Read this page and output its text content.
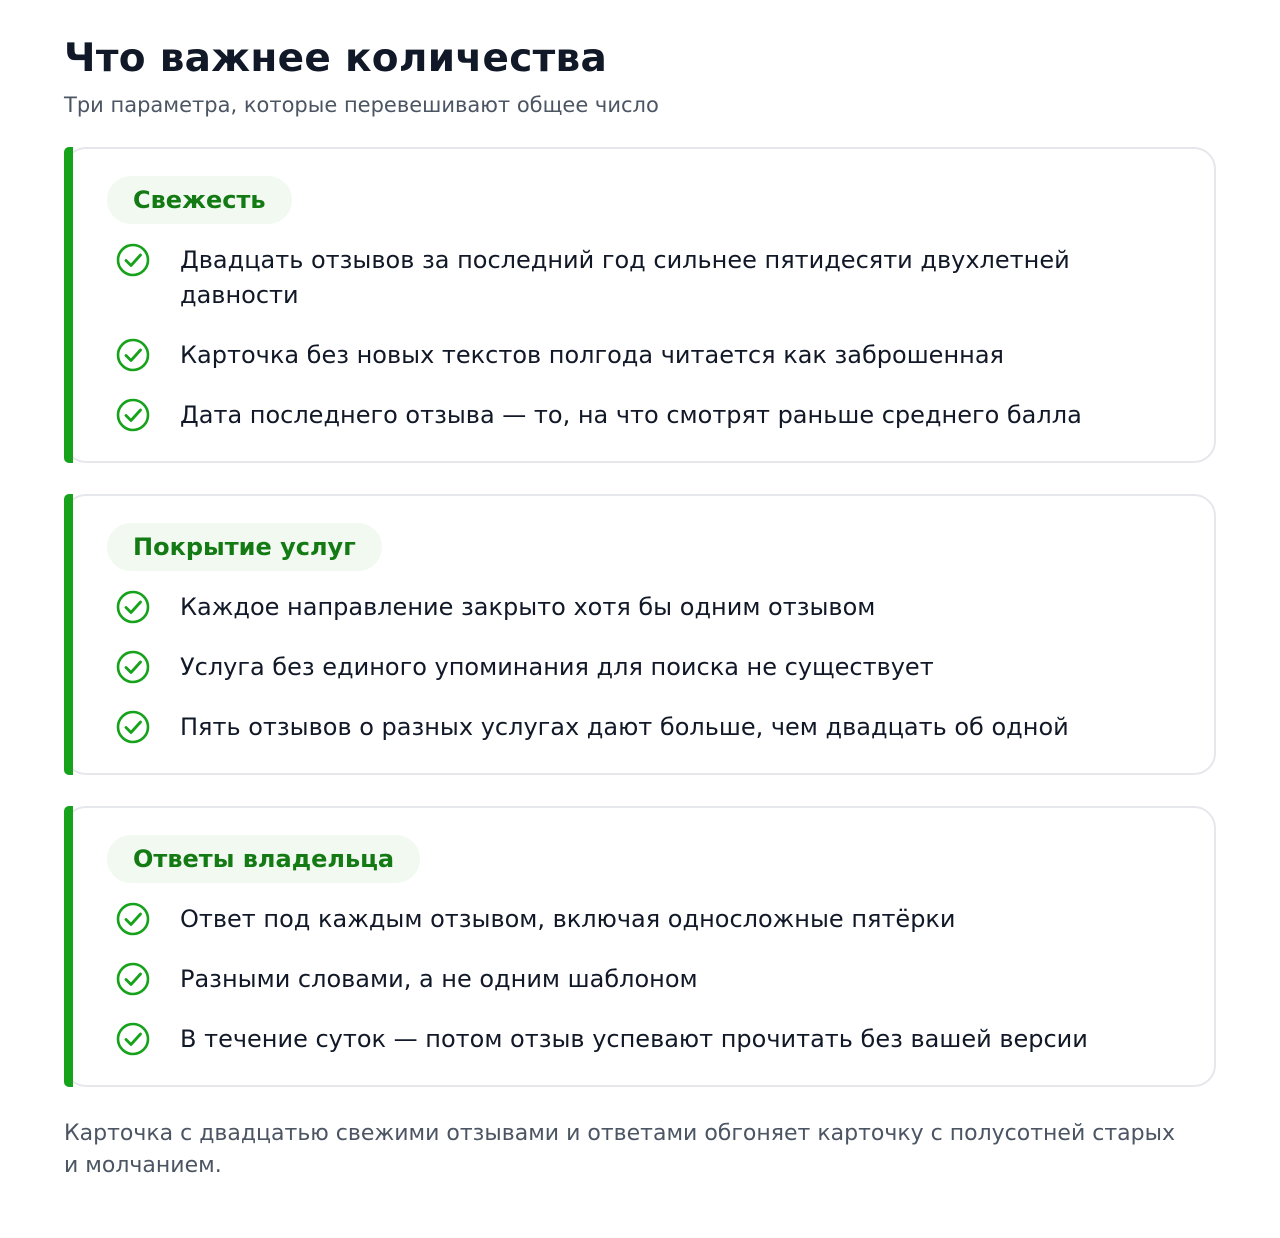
Что важнее количества
Три параметра, которые перевешивают общее число
Свежесть
Двадцать отзывов за последний год сильнее пятидесяти двухлетней давности
Карточка без новых текстов полгода читается как заброшенная
Дата последнего отзыва — то, на что смотрят раньше среднего балла
Покрытие услуг
Каждое направление закрыто хотя бы одним отзывом
Услуга без единого упоминания для поиска не существует
Пять отзывов о разных услугах дают больше, чем двадцать об одной
Ответы владельца
Ответ под каждым отзывом, включая односложные пятёрки
Разными словами, а не одним шаблоном
В течение суток — потом отзыв успевают прочитать без вашей версии
Карточка с двадцатью свежими отзывами и ответами обгоняет карточку с полусотней старых и молчанием.
